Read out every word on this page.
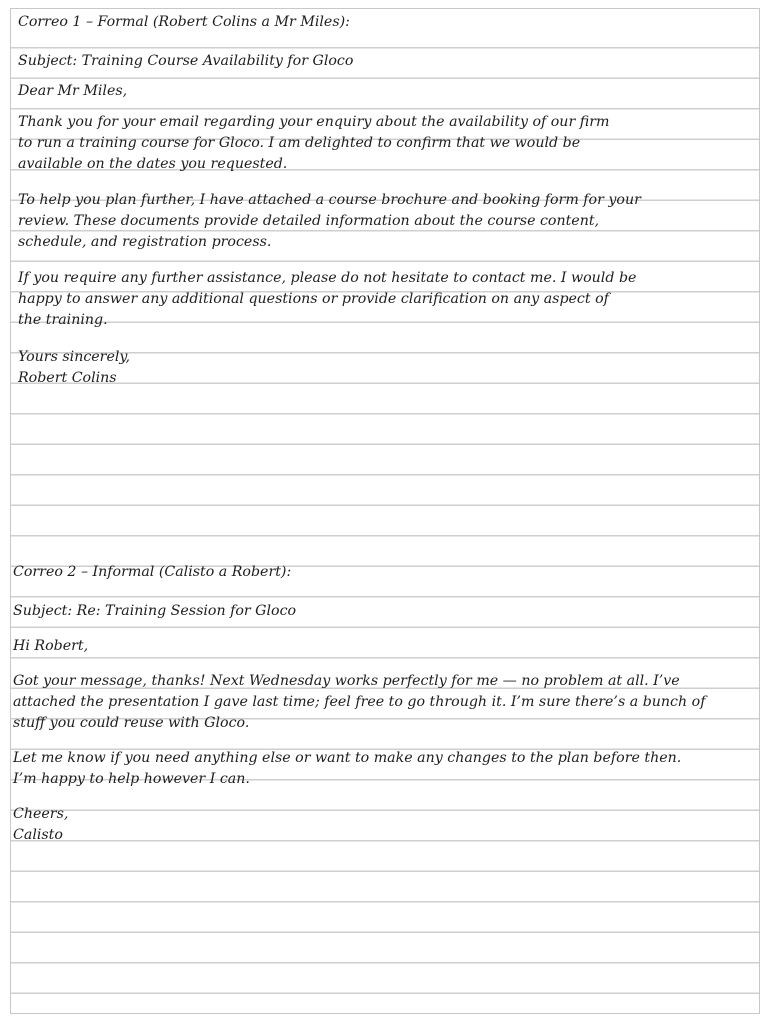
Correo 1 – Formal (Robert Colins a Mr Miles):

Subject: Training Course Availability for Gloco

Dear Mr Miles,

Thank you for your email regarding your enquiry about the availability of our firm
to run a training course for Gloco. I am delighted to confirm that we would be
available on the dates you requested.

To help you plan further, I have attached a course brochure and booking form for your
review. These documents provide detailed information about the course content,
schedule, and registration process.

If you require any further assistance, please do not hesitate to contact me. I would be
happy to answer any additional questions or provide clarification on any aspect of
the training.

Yours sincerely,
Robert Colins

Correo 2 – Informal (Calisto a Robert):

Subject: Re: Training Session for Gloco

Hi Robert,

Got your message, thanks! Next Wednesday works perfectly for me — no problem at all. I’ve
attached the presentation I gave last time; feel free to go through it. I’m sure there’s a bunch of
stuff you could reuse with Gloco.

Let me know if you need anything else or want to make any changes to the plan before then.
I’m happy to help however I can.

Cheers,
Calisto
